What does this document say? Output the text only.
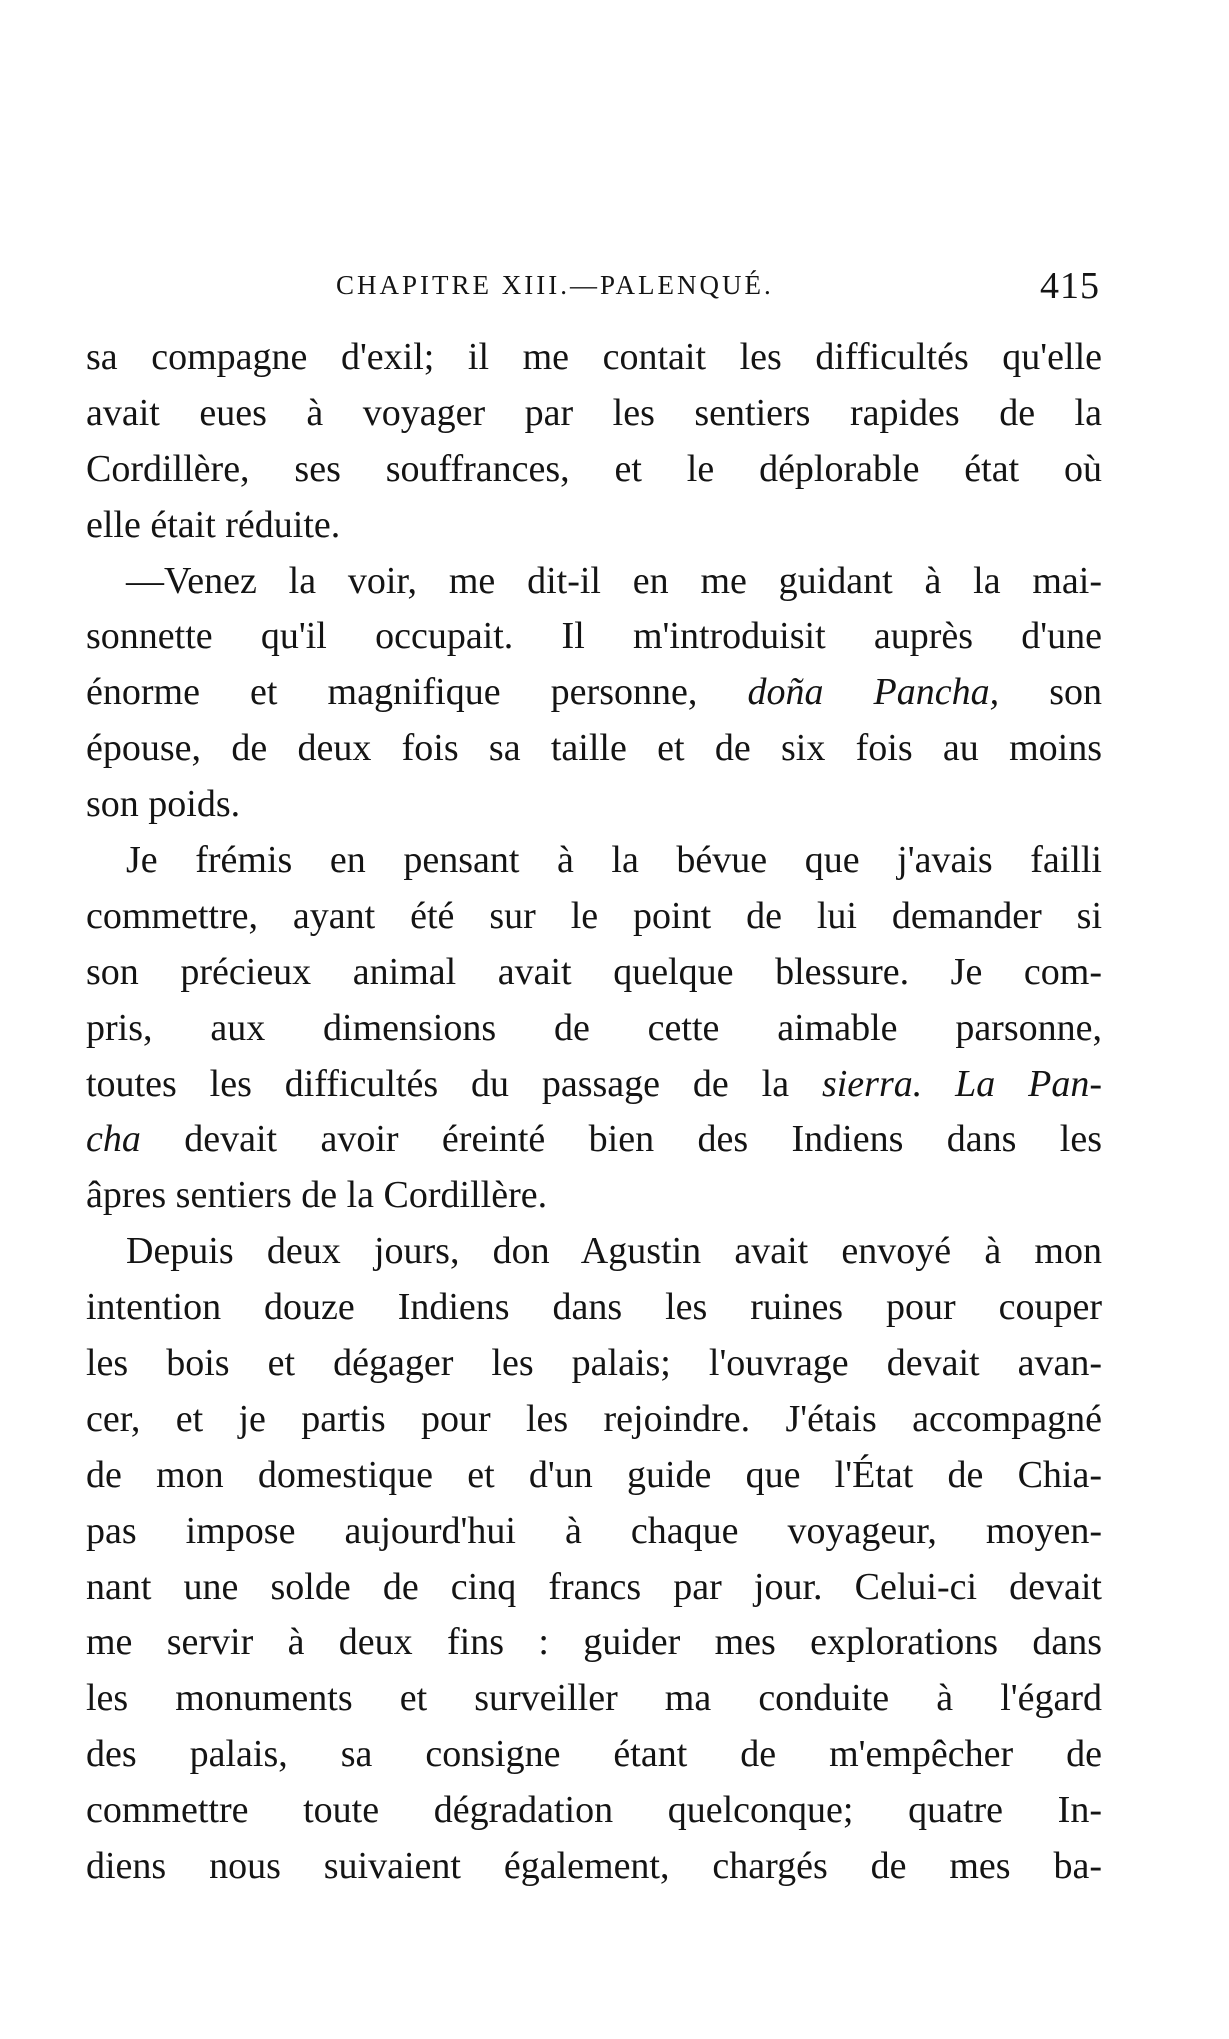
CHAPITRE XIII.—PALENQUÉ.	415
sa compagne d'exil; il me contait les difficultés qu'elle
avait eues à voyager par les sentiers rapides de la
Cordillère, ses souffrances, et le déplorable état où
elle était réduite.
—Venez la voir, me dit-il en me guidant à la mai-
sonnette qu'il occupait. Il m'introduisit auprès d'une
énorme et magnifique personne, doña Pancha, son
épouse, de deux fois sa taille et de six fois au moins
son poids.
Je frémis en pensant à la bévue que j'avais failli
commettre, ayant été sur le point de lui demander si
son précieux animal avait quelque blessure. Je com-
pris, aux dimensions de cette aimable parsonne,
toutes les difficultés du passage de la sierra. La Pan-
cha devait avoir éreinté bien des Indiens dans les
âpres sentiers de la Cordillère.
Depuis deux jours, don Agustin avait envoyé à mon
intention douze Indiens dans les ruines pour couper
les bois et dégager les palais; l'ouvrage devait avan-
cer, et je partis pour les rejoindre. J'étais accompagné
de mon domestique et d'un guide que l'État de Chia-
pas impose aujourd'hui à chaque voyageur, moyen-
nant une solde de cinq francs par jour. Celui-ci devait
me servir à deux fins : guider mes explorations dans
les monuments et surveiller ma conduite à l'égard
des palais, sa consigne étant de m'empêcher de
commettre toute dégradation quelconque; quatre In-
diens nous suivaient également, chargés de mes ba-
